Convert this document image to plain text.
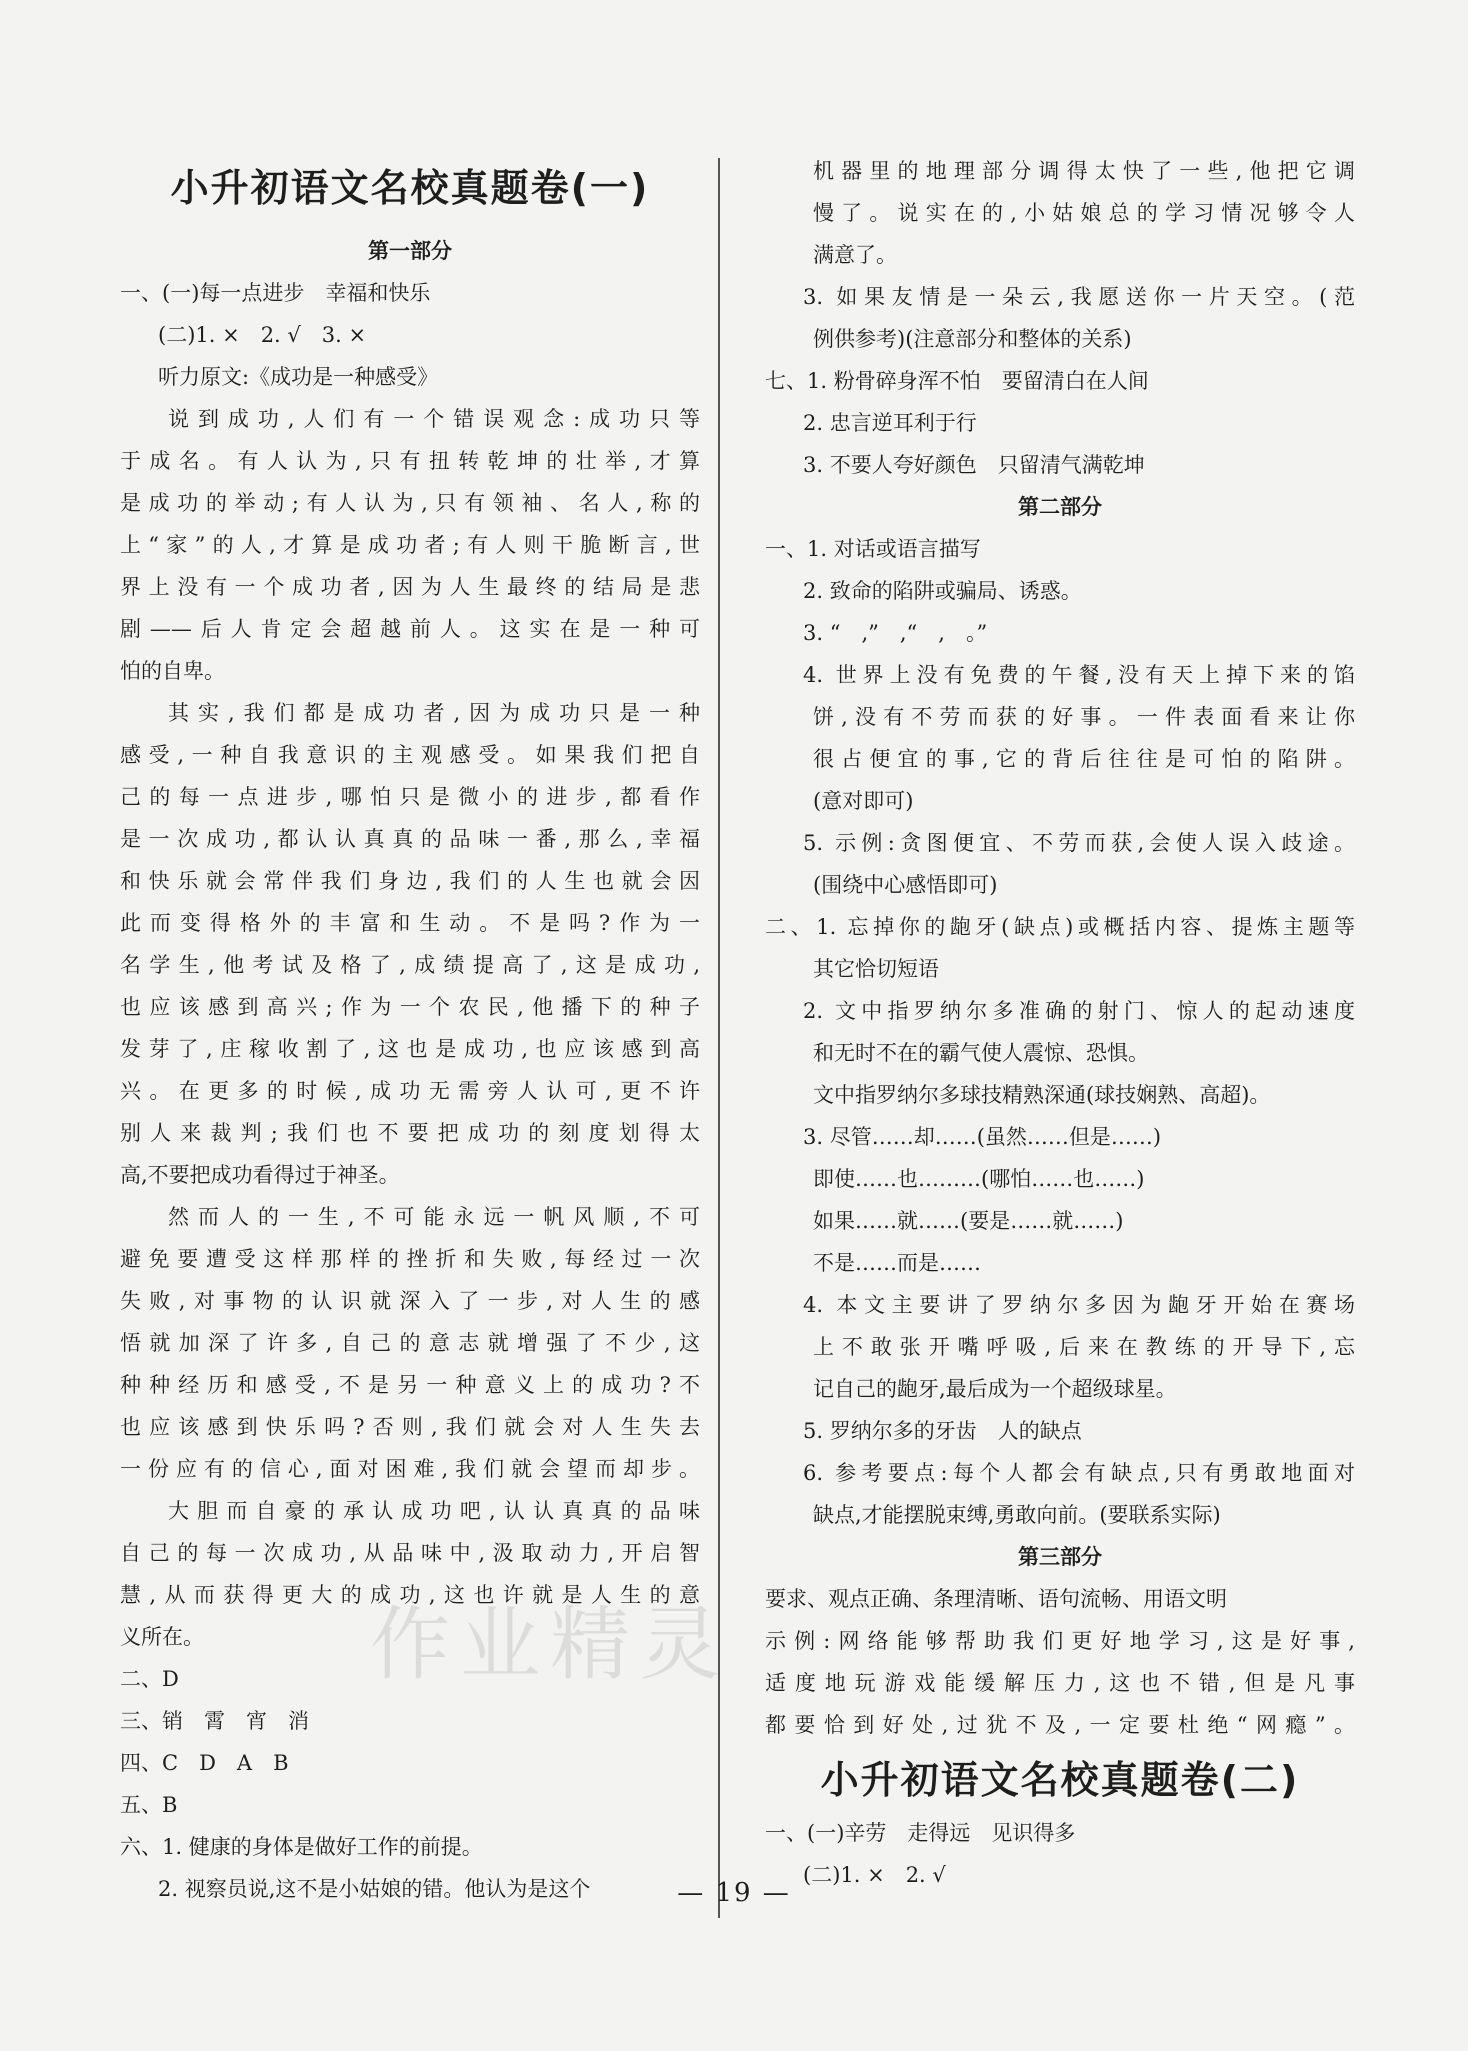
小升初语文名校真题卷(一)
第一部分
一、(一)每一点进步　幸福和快乐
(二)1. ×　2. √　3. ×
听力原文:《成功是一种感受》
说到成功,人们有一个错误观念:成功只等
于成名。有人认为,只有扭转乾坤的壮举,才算
是成功的举动;有人认为,只有领袖、名人,称的
上“家”的人,才算是成功者;有人则干脆断言,世
界上没有一个成功者,因为人生最终的结局是悲
剧——后人肯定会超越前人。这实在是一种可
怕的自卑。
其实,我们都是成功者,因为成功只是一种
感受,一种自我意识的主观感受。如果我们把自
己的每一点进步,哪怕只是微小的进步,都看作
是一次成功,都认认真真的品味一番,那么,幸福
和快乐就会常伴我们身边,我们的人生也就会因
此而变得格外的丰富和生动。不是吗?作为一
名学生,他考试及格了,成绩提高了,这是成功,
也应该感到高兴;作为一个农民,他播下的种子
发芽了,庄稼收割了,这也是成功,也应该感到高
兴。在更多的时候,成功无需旁人认可,更不许
别人来裁判;我们也不要把成功的刻度划得太
高,不要把成功看得过于神圣。
然而人的一生,不可能永远一帆风顺,不可
避免要遭受这样那样的挫折和失败,每经过一次
失败,对事物的认识就深入了一步,对人生的感
悟就加深了许多,自己的意志就增强了不少,这
种种经历和感受,不是另一种意义上的成功?不
也应该感到快乐吗?否则,我们就会对人生失去
一份应有的信心,面对困难,我们就会望而却步。
大胆而自豪的承认成功吧,认认真真的品味
自己的每一次成功,从品味中,汲取动力,开启智
慧,从而获得更大的成功,这也许就是人生的意
义所在。
二、D
三、销　霄　宵　消
四、C　D　A　B
五、B
六、1. 健康的身体是做好工作的前提。
2. 视察员说,这不是小姑娘的错。他认为是这个
机器里的地理部分调得太快了一些,他把它调
慢了。说实在的,小姑娘总的学习情况够令人
满意了。
3. 如果友情是一朵云,我愿送你一片天空。(范
例供参考)(注意部分和整体的关系)
七、1. 粉骨碎身浑不怕　要留清白在人间
2. 忠言逆耳利于行
3. 不要人夸好颜色　只留清气满乾坤
第二部分
一、1. 对话或语言描写
2. 致命的陷阱或骗局、诱惑。
3. “　,”　,“　,　。”
4. 世界上没有免费的午餐,没有天上掉下来的馅
饼,没有不劳而获的好事。一件表面看来让你
很占便宜的事,它的背后往往是可怕的陷阱。
(意对即可)
5. 示例:贪图便宜、不劳而获,会使人误入歧途。
(围绕中心感悟即可)
二、1. 忘掉你的龅牙(缺点)或概括内容、提炼主题等
其它恰切短语
2. 文中指罗纳尔多准确的射门、惊人的起动速度
和无时不在的霸气使人震惊、恐惧。
文中指罗纳尔多球技精熟深通(球技娴熟、高超)。
3. 尽管……却……(虽然……但是……)
即使……也………(哪怕……也……)
如果……就……(要是……就……)
不是……而是……
4. 本文主要讲了罗纳尔多因为龅牙开始在赛场
上不敢张开嘴呼吸,后来在教练的开导下,忘
记自己的龅牙,最后成为一个超级球星。
5. 罗纳尔多的牙齿　人的缺点
6. 参考要点:每个人都会有缺点,只有勇敢地面对
缺点,才能摆脱束缚,勇敢向前。(要联系实际)
第三部分
要求、观点正确、条理清晰、语句流畅、用语文明
示例:网络能够帮助我们更好地学习,这是好事,
适度地玩游戏能缓解压力,这也不错,但是凡事
都要恰到好处,过犹不及,一定要杜绝“网瘾”。
小升初语文名校真题卷(二)
一、(一)辛劳　走得远　见识得多
(二)1. ×　2. √
作业精灵
— 19 —
